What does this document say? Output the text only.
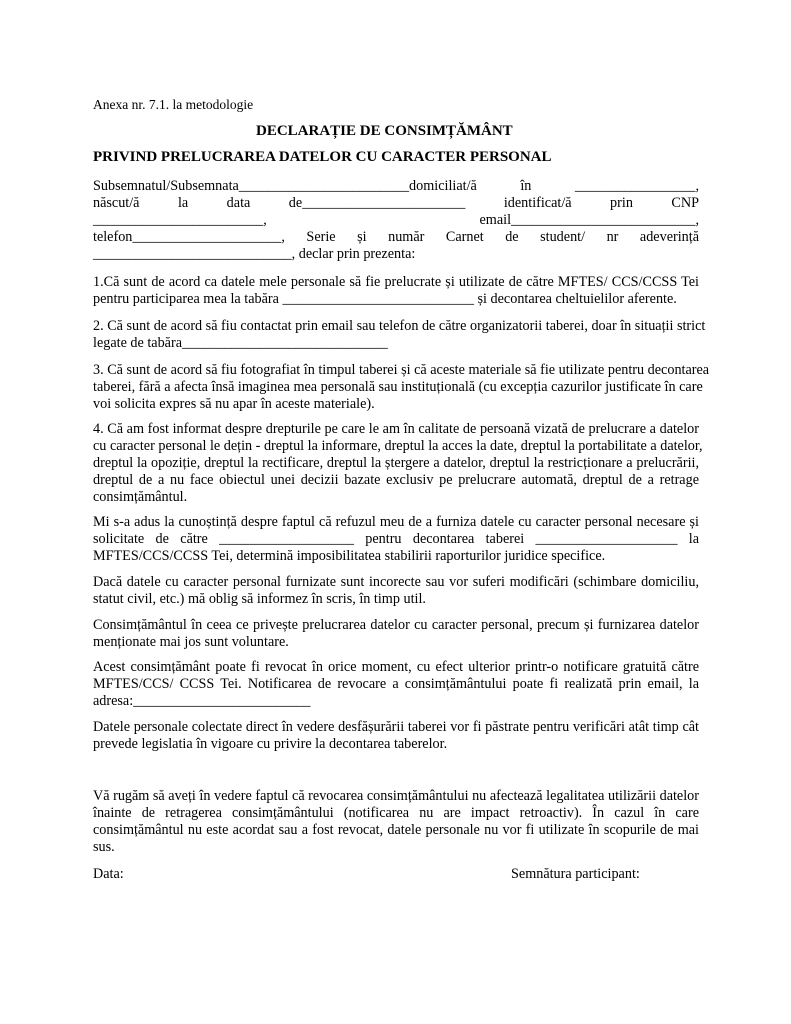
Anexa nr. 7.1. la metodologie
DECLARAȚIE DE CONSIMȚĂMÂNT
PRIVIND PRELUCRAREA DATELOR CU CARACTER PERSONAL
Subsemnatul/Subsemnata________________________domiciliat/ă în _________________,
născut/ă la data de_______________________ identificat/ă prin CNP
________________________, email__________________________,
telefon_____________________, Serie și număr Carnet de student/ nr adeverință
____________________________, declar prin prezenta:
1.Că sunt de acord ca datele mele personale să fie prelucrate și utilizate de către MFTES/ CCS/CCSS Tei
pentru participarea mea la tabăra ___________________________ și decontarea cheltuielilor aferente.
2. Că sunt de acord să fiu contactat prin email sau telefon de către organizatorii taberei, doar în situații strict
legate de tabăra_____________________________
3. Că sunt de acord să fiu fotografiat în timpul taberei și că aceste materiale să fie utilizate pentru decontarea
taberei, fără a afecta însă imaginea mea personală sau instituțională (cu excepția cazurilor justificate în care
voi solicita expres să nu apar în aceste materiale).
4. Că am fost informat despre drepturile pe care le am în calitate de persoană vizată de prelucrare a datelor
cu caracter personal le dețin - dreptul la informare, dreptul la acces la date, dreptul la portabilitate a datelor,
dreptul la opoziție, dreptul la rectificare, dreptul la ștergere a datelor, dreptul la restricționare a prelucrării,
dreptul de a nu face obiectul unei decizii bazate exclusiv pe prelucrare automată, dreptul de a retrage
consimțământul.
Mi s-a adus la cunoștință despre faptul că refuzul meu de a furniza datele cu caracter personal necesare și
solicitate de către ___________________ pentru decontarea taberei ____________________ la
MFTES/CCS/CCSS Tei, determină imposibilitatea stabilirii raporturilor juridice specifice.
Dacă datele cu caracter personal furnizate sunt incorecte sau vor suferi modificări (schimbare domiciliu,
statut civil, etc.) mă oblig să informez în scris, în timp util.
Consimțământul în ceea ce privește prelucrarea datelor cu caracter personal, precum și furnizarea datelor
menționate mai jos sunt voluntare.
Acest consimțământ poate fi revocat în orice moment, cu efect ulterior printr-o notificare gratuită către
MFTES/CCS/ CCSS Tei. Notificarea de revocare a consimțământului poate fi realizată prin email, la
adresa:_________________________
Datele personale colectate direct în vedere desfășurării taberei vor fi păstrate pentru verificări atât timp cât
prevede legislatia în vigoare cu privire la decontarea taberelor.
Vă rugăm să aveți în vedere faptul că revocarea consimțământului nu afectează legalitatea utilizării datelor
înainte de retragerea consimțământului (notificarea nu are impact retroactiv). În cazul în care
consimțământul nu este acordat sau a fost revocat, datele personale nu vor fi utilizate în scopurile de mai
sus.
Data:	Semnătura participant:
